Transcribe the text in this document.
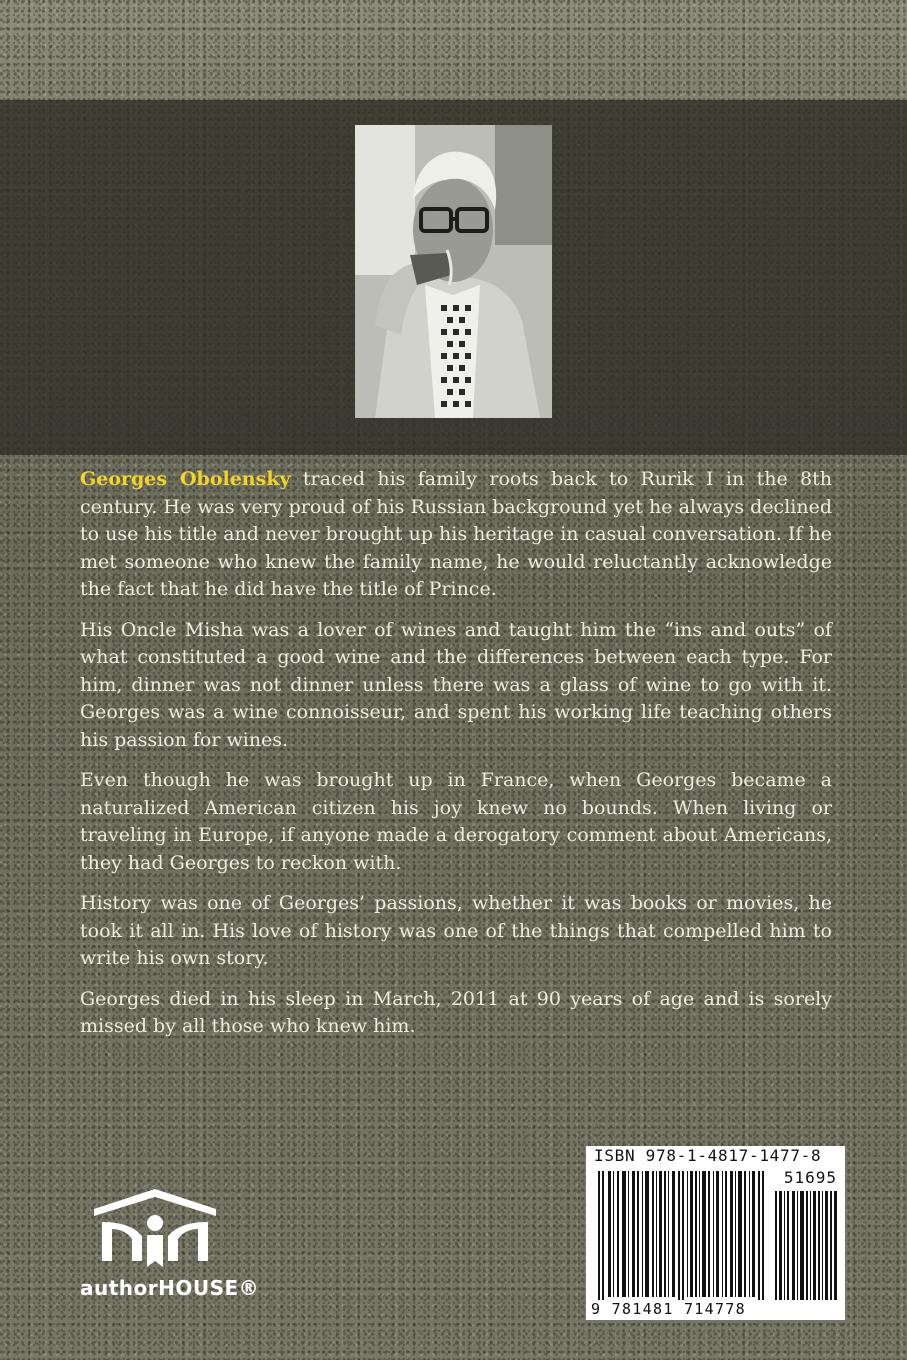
Georges Obolensky traced his family roots back to Rurik I in the 8th century. He was very proud of his Russian background yet he always declined to use his title and never brought up his heritage in casual conversation. If he met someone who knew the family name, he would reluctantly acknowledge the fact that he did have the title of Prince.

His Oncle Misha was a lover of wines and taught him the “ins and outs” of what constituted a good wine and the differences between each type. For him, dinner was not dinner unless there was a glass of wine to go with it. Georges was a wine connoisseur, and spent his working life teaching others his passion for wines.

Even though he was brought up in France, when Georges became a naturalized American citizen his joy knew no bounds. When living or traveling in Europe, if anyone made a derogatory comment about Americans, they had Georges to reckon with.

History was one of Georges’ passions, whether it was books or movies, he took it all in. His love of history was one of the things that compelled him to write his own story.

Georges died in his sleep in March, 2011 at 90 years of age and is sorely missed by all those who knew him.

authorHOUSE®
ISBN 978-1-4817-1477-8
51695
9 781481 714778
